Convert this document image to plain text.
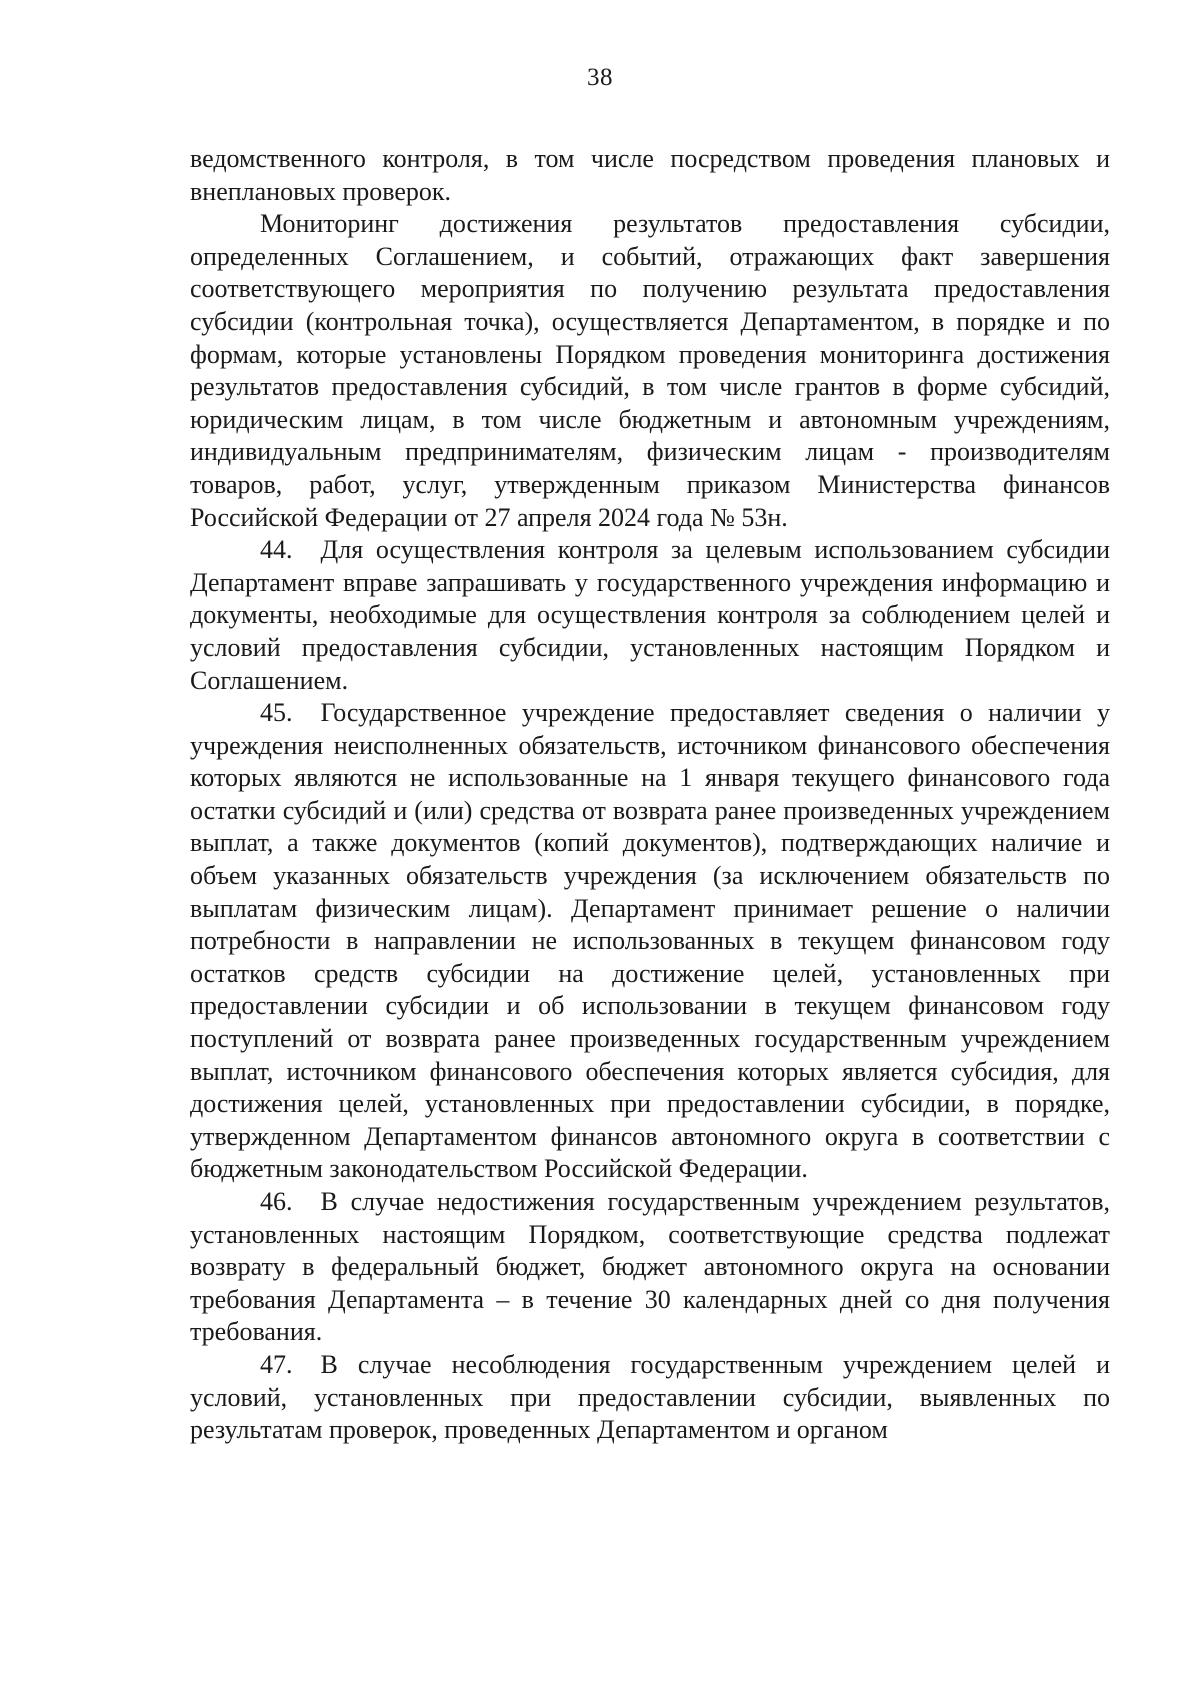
38

ведомственного контроля, в том числе посредством проведения плановых и внеплановых проверок.

Мониторинг достижения результатов предоставления субсидии, определенных Соглашением, и событий, отражающих факт завершения соответствующего мероприятия по получению результата предоставления субсидии (контрольная точка), осуществляется Департаментом, в порядке и по формам, которые установлены Порядком проведения мониторинга достижения результатов предоставления субсидий, в том числе грантов в форме субсидий, юридическим лицам, в том числе бюджетным и автономным учреждениям, индивидуальным предпринимателям, физическим лицам - производителям товаров, работ, услуг, утвержденным приказом Министерства финансов Российской Федерации от 27 апреля 2024 года № 53н.

44. Для осуществления контроля за целевым использованием субсидии Департамент вправе запрашивать у государственного учреждения информацию и документы, необходимые для осуществления контроля за соблюдением целей и условий предоставления субсидии, установленных настоящим Порядком и Соглашением.

45. Государственное учреждение предоставляет сведения о наличии у учреждения неисполненных обязательств, источником финансового обеспечения которых являются не использованные на 1 января текущего финансового года остатки субсидий и (или) средства от возврата ранее произведенных учреждением выплат, а также документов (копий документов), подтверждающих наличие и объем указанных обязательств учреждения (за исключением обязательств по выплатам физическим лицам). Департамент принимает решение о наличии потребности в направлении не использованных в текущем финансовом году остатков средств субсидии на достижение целей, установленных при предоставлении субсидии и об использовании в текущем финансовом году поступлений от возврата ранее произведенных государственным учреждением выплат, источником финансового обеспечения которых является субсидия, для достижения целей, установленных при предоставлении субсидии, в порядке, утвержденном Департаментом финансов автономного округа в соответствии с бюджетным законодательством Российской Федерации.

46. В случае недостижения государственным учреждением результатов, установленных настоящим Порядком, соответствующие средства подлежат возврату в федеральный бюджет, бюджет автономного округа на основании требования Департамента – в течение 30 календарных дней со дня получения требования.

47. В случае несоблюдения государственным учреждением целей и условий, установленных при предоставлении субсидии, выявленных по результатам проверок, проведенных Департаментом и органом
